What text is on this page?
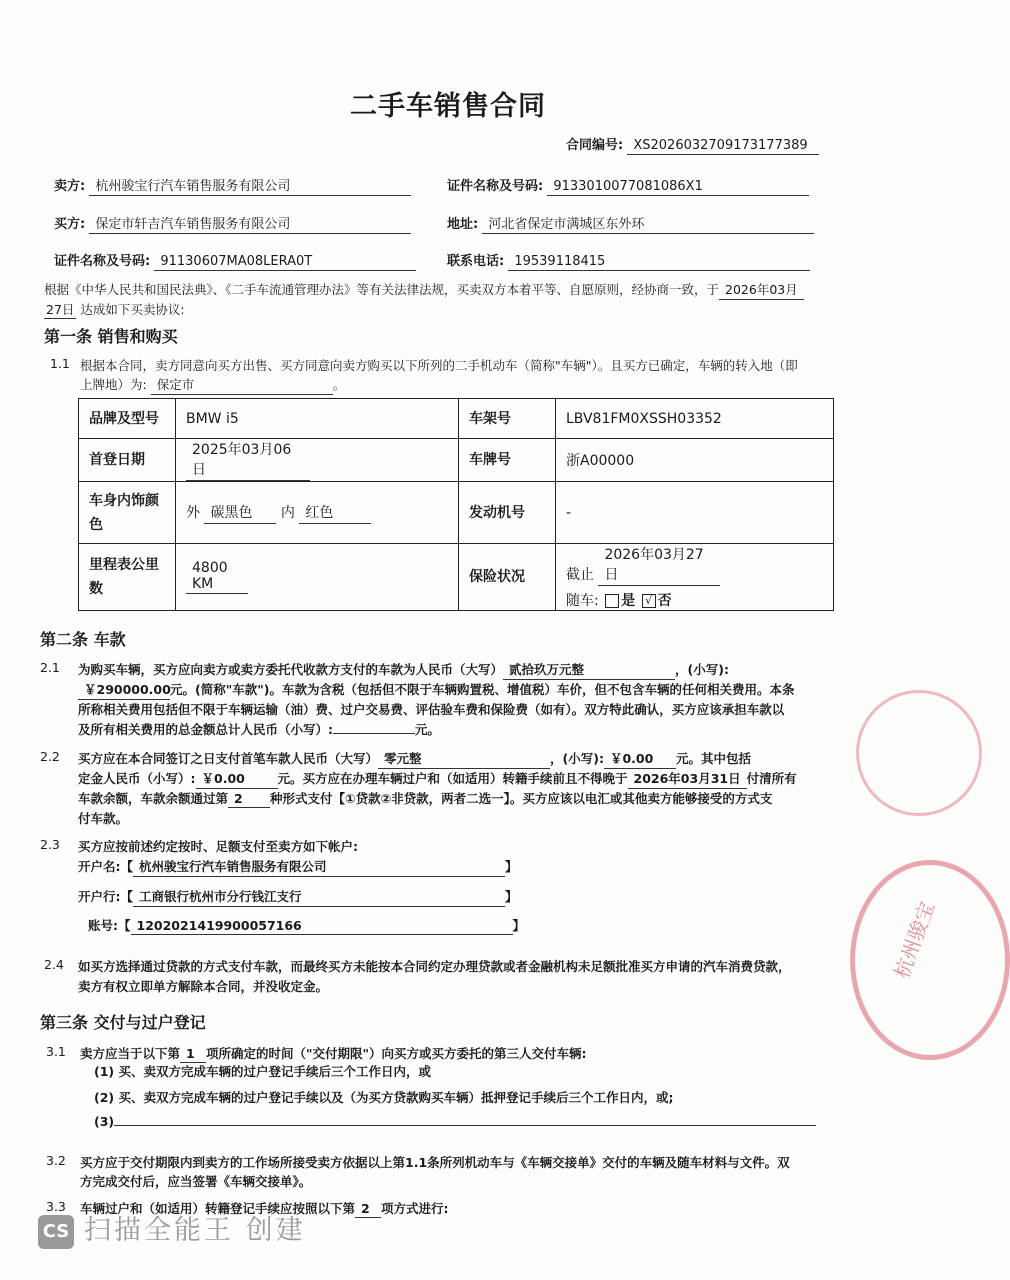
二手车销售合同
合同编号: XS20260327091731773​89
卖方: 杭州骏宝行汽车销售服务有限公司	证件名称及号码: 913301007​7081086X1
买方: 保定市轩吉汽车销售服务有限公司	地址: 河北省保定市满城区东外环
证件名称及号码: 91130607MA08LERA0T	联系电话: 19539118415
根据《中华人民共和国民法典》、《二手车流通管理办法》等有关法律法规，买卖双方本着平等、自愿原则，经协商一致，于 2026年03月
27日 达成如下买卖协议:
第一条 销售和购买
1.1 根据本合同，卖方同意向买方出售、买方同意向卖方购买以下所列的二手机动车（简称"车辆"）。且买方已确定，车辆的转入地（即
上牌地）为: 保定市	。
品牌及型号	BMW i5	车架号	LBV81FM0XSSH03352
首登日期	2025年03月06日	车牌号	浙A00000
车身内饰颜色	外 碳黑色 内 红色	发动机号	-
里程表公里数	4800 KM	保险状况	截止 2026年03月27日
随车: 是 √ 否
第二条 车款
2.1 为购买车辆，买方应向卖方或卖方委托代收款方支付的车款为人民币（大写） 贰拾玖万元整	，(小写):
￥290000.00元。(简称"车款")。车款为含税（包括但不限于车辆购置税、增值税）车价，但不包含车辆的任何相关费用。本条
所称相关费用包括但不限于车辆运输（油）费、过户交易费、评估验车费和保险费（如有）。双方特此确认，买方应该承担车款以
及所有相关费用的总金额总计人民币（小写）:	元。
2.2 买方应在本合同签订之日支付首笔车款人民币（大写） 零元整	，(小写): ￥0.00 元。其中包括
定金人民币（小写）: ￥0.00	元。买方应在办理车辆过户和（如适用）转籍手续前且不得晚于 2026年03月31日 付清所有
车款余额，车款余额通过第 2 种形式支付【①贷款②非贷款，两者二选一】。买方应该以电汇或其他卖方能够接受的方式支
付车款。
2.3 买方应按前述约定按时、足额支付至卖方如下帐户:
开户名:【 杭州骏宝行汽车销售服务有限公司	】
开户行:【 工商银行杭州市分行钱江支行	】
账号:【 1202021419900057166	】
2.4 如买方选择通过贷款的方式支付车款，而最终买方未能按本合同约定办理贷款或者金融机构未足额批准买方申请的汽车消费贷款，
卖方有权立即单方解除本合同，并没收定金。
第三条 交付与过户登记
3.1 卖方应当于以下第 1 项所确定的时间（"交付期限"）向买方或买方委托的第三人交付车辆:
(1) 买、卖双方完成车辆的过户登记手续后三个工作日内，或
(2) 买、卖双方完成车辆的过户登记手续以及（为买方贷款购买车辆）抵押登记手续后三个工作日内，或;
(3)
3.2 买方应于交付期限内到卖方的工作场所接受卖方依据以上第1.1条所列机动车与《车辆交接单》交付的车辆及随车材料与文件。双
方完成交付后，应当签署《车辆交接单》。
3.3 车辆过户和（如适用）转籍登记手续应按照以下第 2 项方式进行:
杭州骏宝
CS 扫描全能王 创建
